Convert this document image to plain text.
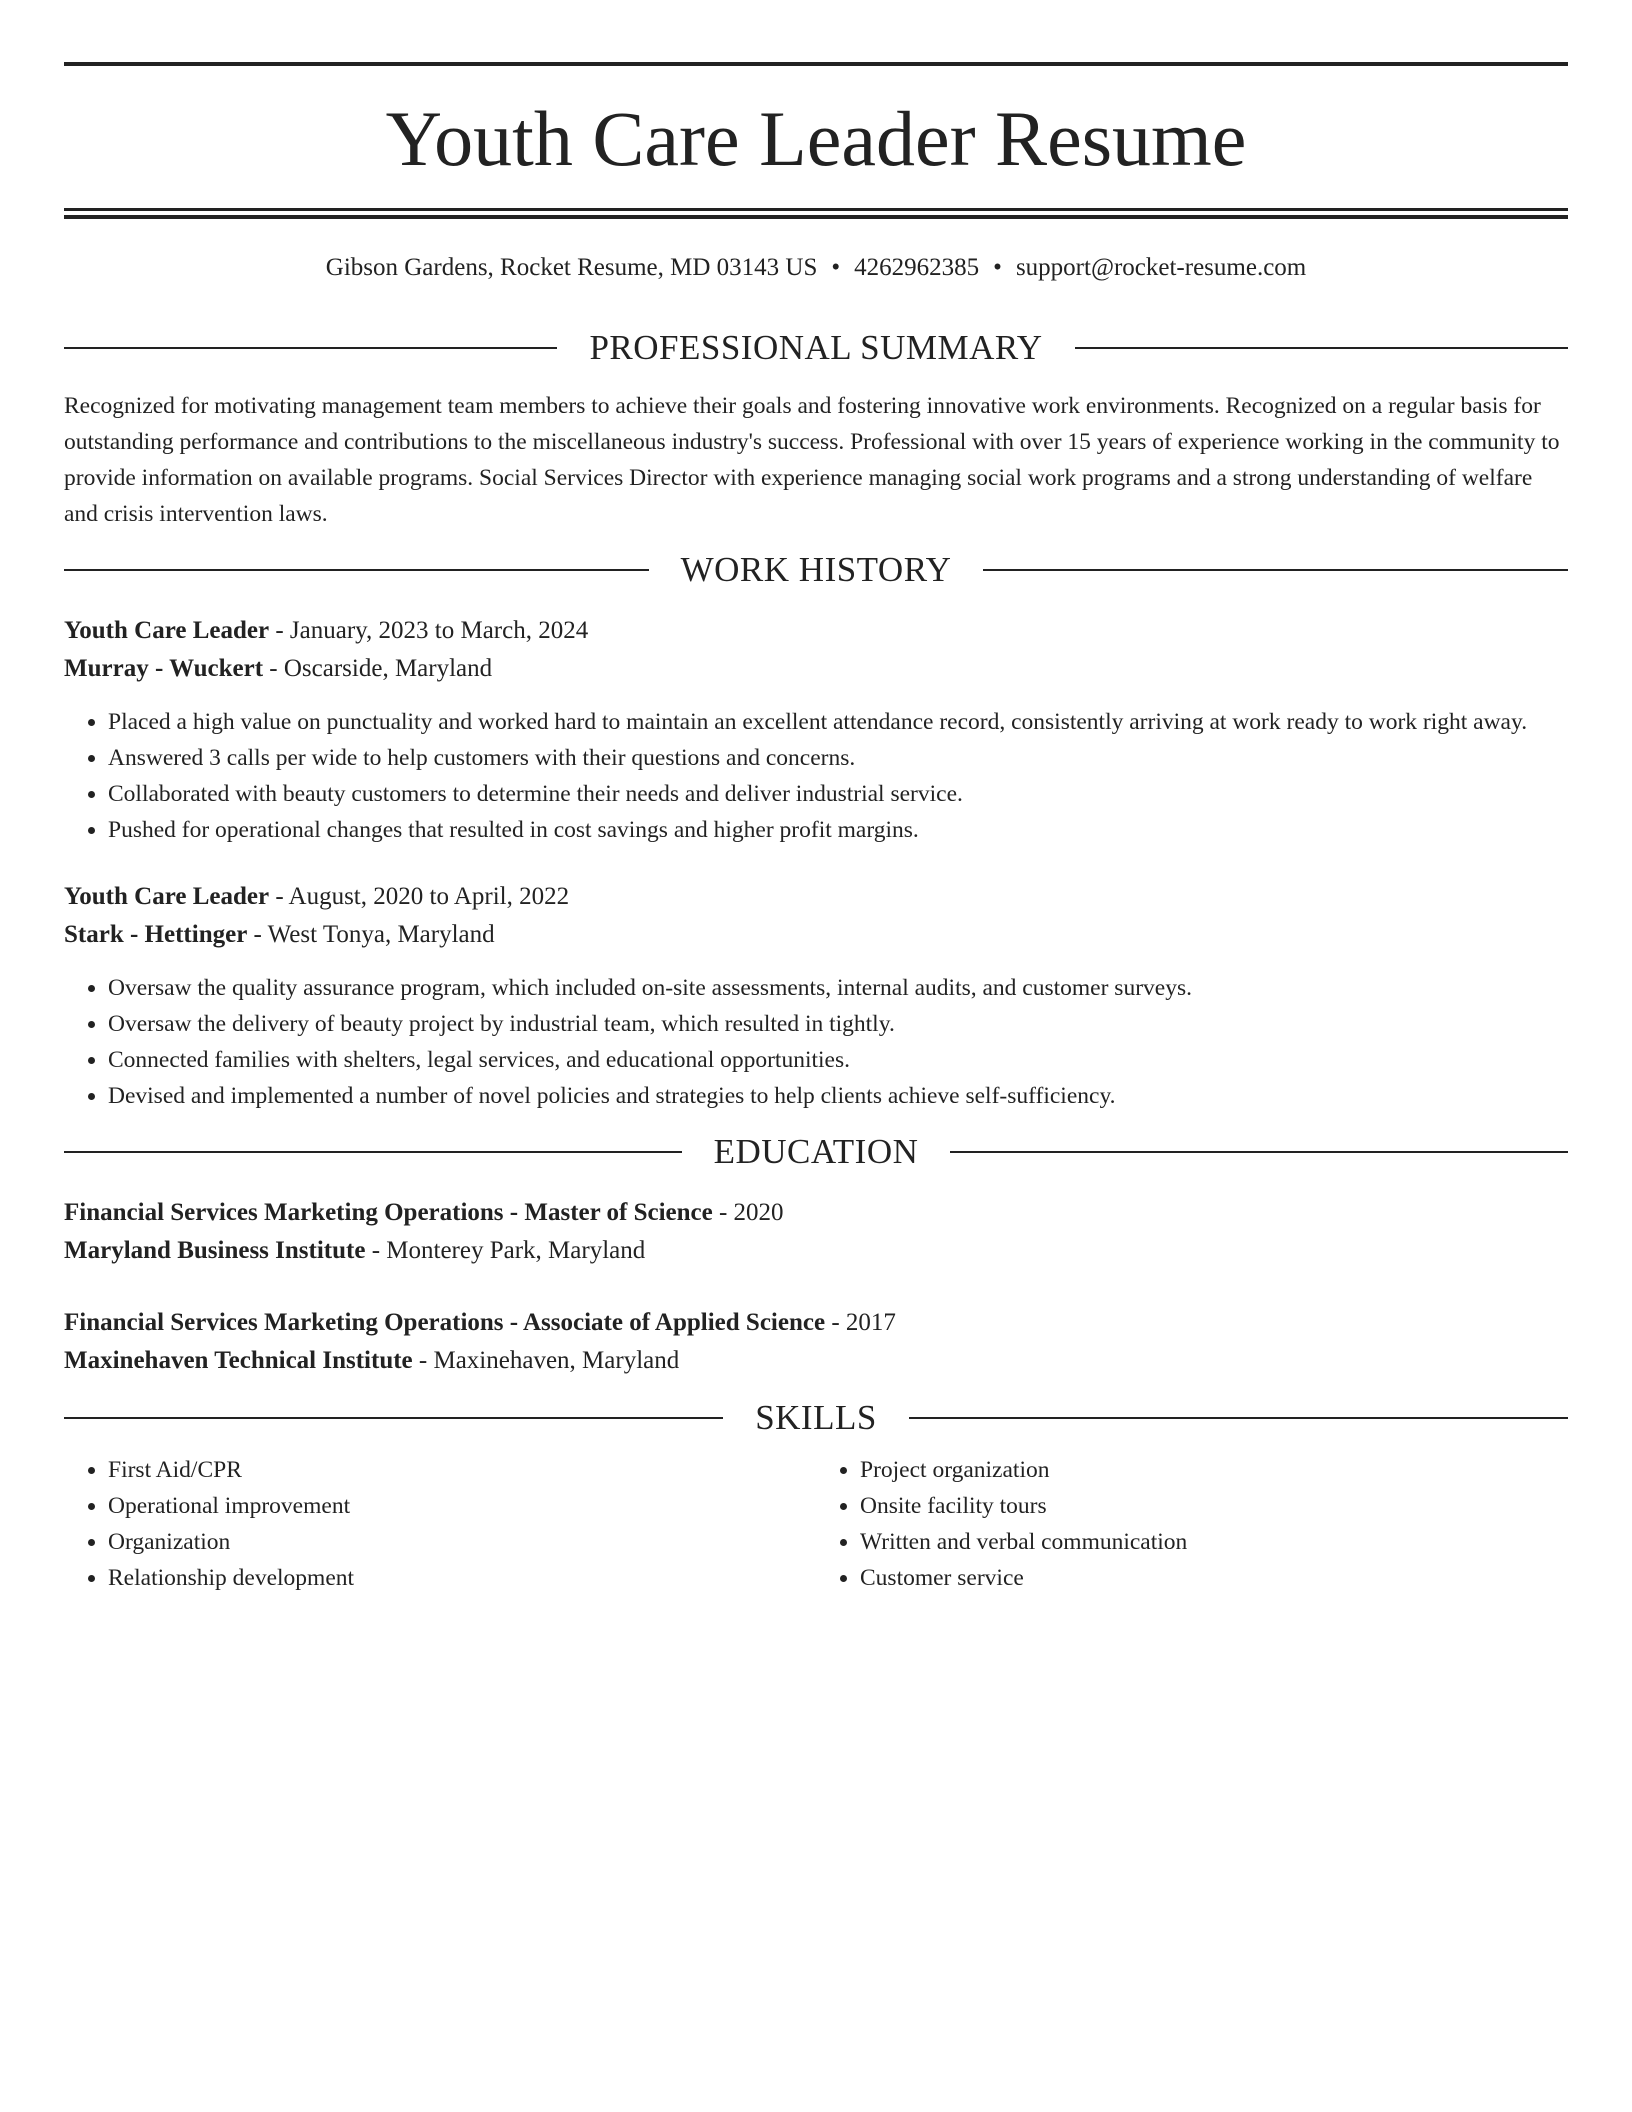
Youth Care Leader Resume
Gibson Gardens, Rocket Resume, MD 03143 US • 4262962385 • support@rocket-resume.com
PROFESSIONAL SUMMARY

Recognized for motivating management team members to achieve their goals and fostering innovative work environments. Recognized on a regular basis for outstanding performance and contributions to the miscellaneous industry's success. Professional with over 15 years of experience working in the community to provide information on available programs. Social Services Director with experience managing social work programs and a strong understanding of welfare and crisis intervention laws.

WORK HISTORY

Youth Care Leader - January, 2023 to March, 2024

Murray - Wuckert - Oscarside, Maryland

• Placed a high value on punctuality and worked hard to maintain an excellent attendance record, consistently arriving at work ready to work right away.
• Answered 3 calls per wide to help customers with their questions and concerns.
• Collaborated with beauty customers to determine their needs and deliver industrial service.
• Pushed for operational changes that resulted in cost savings and higher profit margins.

Youth Care Leader - August, 2020 to April, 2022

Stark - Hettinger - West Tonya, Maryland

• Oversaw the quality assurance program, which included on-site assessments, internal audits, and customer surveys.
• Oversaw the delivery of beauty project by industrial team, which resulted in tightly.
• Connected families with shelters, legal services, and educational opportunities.
• Devised and implemented a number of novel policies and strategies to help clients achieve self-sufficiency.
EDUCATION

Financial Services Marketing Operations - Master of Science - 2020

Maryland Business Institute - Monterey Park, Maryland

Financial Services Marketing Operations - Associate of Applied Science - 2017

Maxinehaven Technical Institute - Maxinehaven, Maryland

SKILLS
• First Aid/CPR
• Operational improvement
• Organization
• Relationship development
• Project organization
• Onsite facility tours
• Written and verbal communication
• Customer service
